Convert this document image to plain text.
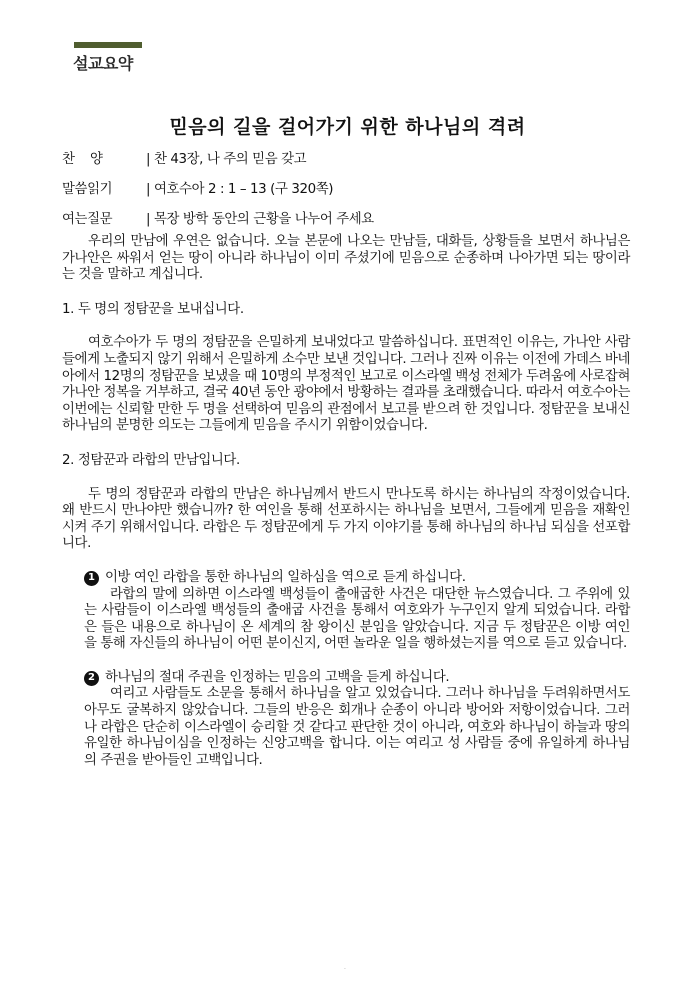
설교요약
믿음의 길을 걸어가기 위한 하나님의 격려
찬    양	| 찬 43장, 나 주의 믿음 갖고
말씀읽기	| 여호수아 2 : 1 – 13 (구 320쪽)
여는질문	| 목장 방학 동안의 근황을 나누어 주세요

우리의 만남에 우연은 없습니다. 오늘 본문에 나오는 만남들, 대화들, 상황들을 보면서 하나님은 가나안은 싸워서 얻는 땅이 아니라 하나님이 이미 주셨기에 믿음으로 순종하며 나아가면 되는 땅이라는 것을 말하고 계십니다.

1. 두 명의 정탐꾼을 보내십니다.

여호수아가 두 명의 정탐꾼을 은밀하게 보내었다고 말씀하십니다. 표면적인 이유는, 가나안 사람들에게 노출되지 않기 위해서 은밀하게 소수만 보낸 것입니다. 그러나 진짜 이유는 이전에 가데스 바네아에서 12명의 정탐꾼을 보냈을 때 10명의 부정적인 보고로 이스라엘 백성 전체가 두려움에 사로잡혀 가나안 정복을 거부하고, 결국 40년 동안 광야에서 방황하는 결과를 초래했습니다. 따라서 여호수아는 이번에는 신뢰할 만한 두 명을 선택하여 믿음의 관점에서 보고를 받으려 한 것입니다. 정탐꾼을 보내신 하나님의 분명한 의도는 그들에게 믿음을 주시기 위함이었습니다.

2. 정탐꾼과 라합의 만남입니다.

두 명의 정탐꾼과 라합의 만남은 하나님께서 반드시 만나도록 하시는 하나님의 작정이었습니다. 왜 반드시 만나야만 했습니까? 한 여인을 통해 선포하시는 하나님을 보면서, 그들에게 믿음을 재확인시켜 주기 위해서입니다. 라합은 두 정탐꾼에게 두 가지 이야기를 통해 하나님의 하나님 되심을 선포합니다.

1 이방 여인 라합을 통한 하나님의 일하심을 역으로 듣게 하십니다.

라합의 말에 의하면 이스라엘 백성들이 출애굽한 사건은 대단한 뉴스였습니다. 그 주위에 있는 사람들이 이스라엘 백성들의 출애굽 사건을 통해서 여호와가 누구인지 알게 되었습니다. 라합은 들은 내용으로 하나님이 온 세계의 참 왕이신 분임을 알았습니다. 지금 두 정탐꾼은 이방 여인을 통해 자신들의 하나님이 어떤 분이신지, 어떤 놀라운 일을 행하셨는지를 역으로 듣고 있습니다.

2 하나님의 절대 주권을 인정하는 믿음의 고백을 듣게 하십니다.

여리고 사람들도 소문을 통해서 하나님을 알고 있었습니다. 그러나 하나님을 두려워하면서도 아무도 굴복하지 않았습니다. 그들의 반응은 회개나 순종이 아니라 방어와 저항이었습니다. 그러나 라합은 단순히 이스라엘이 승리할 것 같다고 판단한 것이 아니라, 여호와 하나님이 하늘과 땅의 유일한 하나님이심을 인정하는 신앙고백을 합니다. 이는 여리고 성 사람들 중에 유일하게 하나님의 주권을 받아들인 고백입니다.

.
